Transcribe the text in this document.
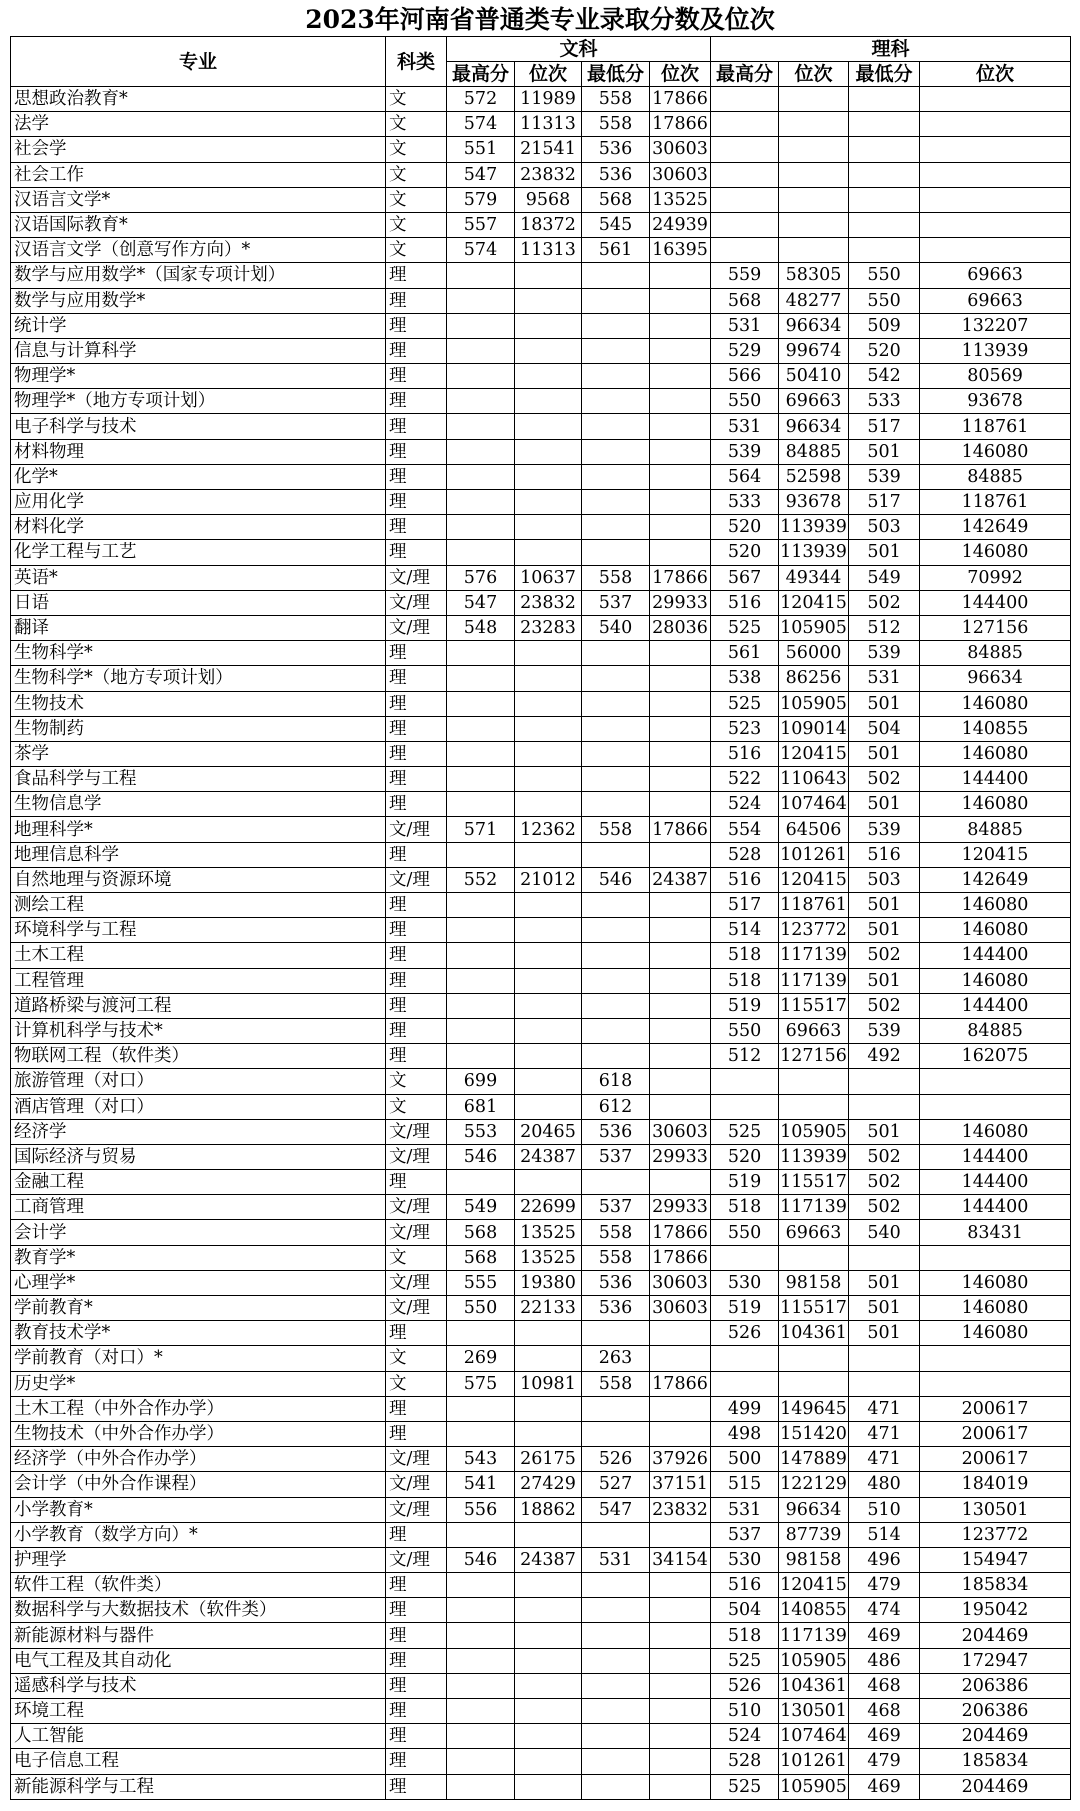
2023年河南省普通类专业录取分数及位次
专业	科类	文科				理科			
		最高分	位次	最低分	位次	最高分	位次	最低分	位次
思想政治教育*	文	572	11989	558	17866				
法学	文	574	11313	558	17866				
社会学	文	551	21541	536	30603				
社会工作	文	547	23832	536	30603				
汉语言文学*	文	579	9568	568	13525				
汉语国际教育*	文	557	18372	545	24939				
汉语言文学（创意写作方向）*	文	574	11313	561	16395				
数学与应用数学*（国家专项计划）	理					559	58305	550	69663
数学与应用数学*	理					568	48277	550	69663
统计学	理					531	96634	509	132207
信息与计算科学	理					529	99674	520	113939
物理学*	理					566	50410	542	80569
物理学*（地方专项计划）	理					550	69663	533	93678
电子科学与技术	理					531	96634	517	118761
材料物理	理					539	84885	501	146080
化学*	理					564	52598	539	84885
应用化学	理					533	93678	517	118761
材料化学	理					520	113939	503	142649
化学工程与工艺	理					520	113939	501	146080
英语*	文/理	576	10637	558	17866	567	49344	549	70992
日语	文/理	547	23832	537	29933	516	120415	502	144400
翻译	文/理	548	23283	540	28036	525	105905	512	127156
生物科学*	理					561	56000	539	84885
生物科学*（地方专项计划）	理					538	86256	531	96634
生物技术	理					525	105905	501	146080
生物制药	理					523	109014	504	140855
茶学	理					516	120415	501	146080
食品科学与工程	理					522	110643	502	144400
生物信息学	理					524	107464	501	146080
地理科学*	文/理	571	12362	558	17866	554	64506	539	84885
地理信息科学	理					528	101261	516	120415
自然地理与资源环境	文/理	552	21012	546	24387	516	120415	503	142649
测绘工程	理					517	118761	501	146080
环境科学与工程	理					514	123772	501	146080
土木工程	理					518	117139	502	144400
工程管理	理					518	117139	501	146080
道路桥梁与渡河工程	理					519	115517	502	144400
计算机科学与技术*	理					550	69663	539	84885
物联网工程（软件类）	理					512	127156	492	162075
旅游管理（对口）	文	699		618					
酒店管理（对口）	文	681		612					
经济学	文/理	553	20465	536	30603	525	105905	501	146080
国际经济与贸易	文/理	546	24387	537	29933	520	113939	502	144400
金融工程	理					519	115517	502	144400
工商管理	文/理	549	22699	537	29933	518	117139	502	144400
会计学	文/理	568	13525	558	17866	550	69663	540	83431
教育学*	文	568	13525	558	17866				
心理学*	文/理	555	19380	536	30603	530	98158	501	146080
学前教育*	文/理	550	22133	536	30603	519	115517	501	146080
教育技术学*	理					526	104361	501	146080
学前教育（对口）*	文	269		263					
历史学*	文	575	10981	558	17866				
土木工程（中外合作办学）	理					499	149645	471	200617
生物技术（中外合作办学）	理					498	151420	471	200617
经济学（中外合作办学）	文/理	543	26175	526	37926	500	147889	471	200617
会计学（中外合作课程）	文/理	541	27429	527	37151	515	122129	480	184019
小学教育*	文/理	556	18862	547	23832	531	96634	510	130501
小学教育（数学方向）*	理					537	87739	514	123772
护理学	文/理	546	24387	531	34154	530	98158	496	154947
软件工程（软件类）	理					516	120415	479	185834
数据科学与大数据技术（软件类）	理					504	140855	474	195042
新能源材料与器件	理					518	117139	469	204469
电气工程及其自动化	理					525	105905	486	172947
遥感科学与技术	理					526	104361	468	206386
环境工程	理					510	130501	468	206386
人工智能	理					524	107464	469	204469
电子信息工程	理					528	101261	479	185834
新能源科学与工程	理					525	105905	469	204469
